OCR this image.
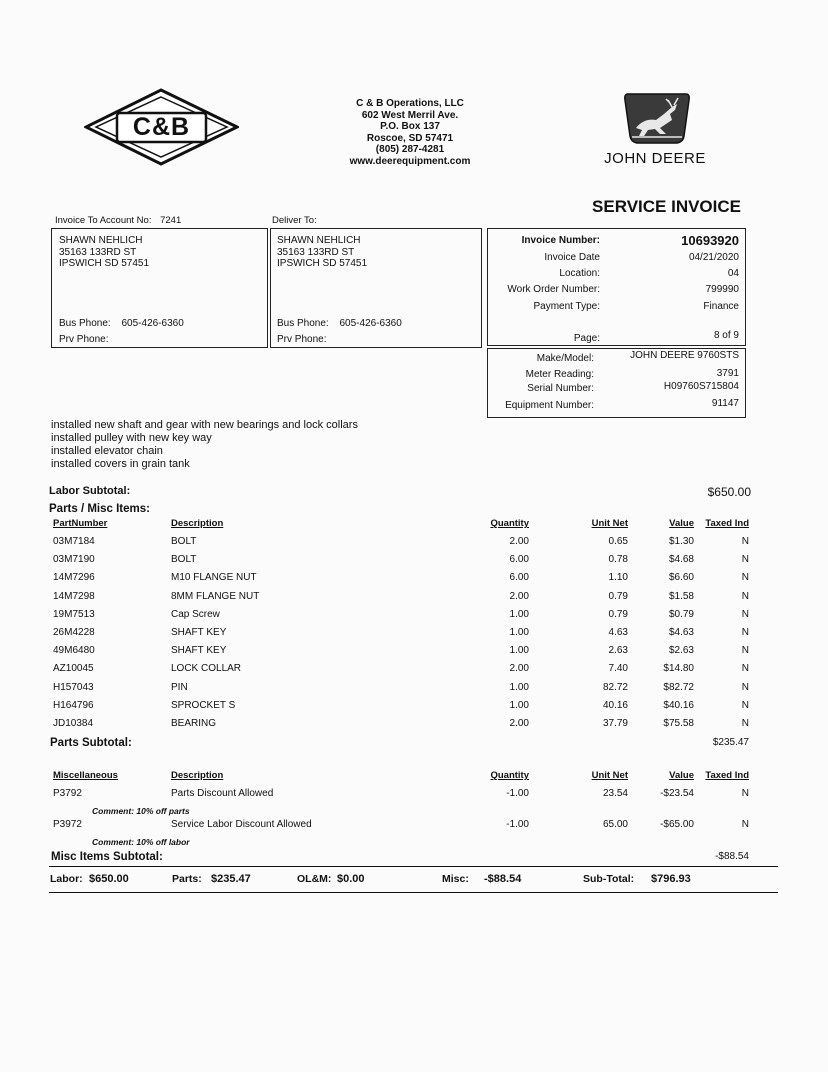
C&B
C & B Operations, LLC
602 West Merril Ave.
P.O. Box 137
Roscoe, SD 57471
(805) 287-4281
www.deerequipment.com	JOHN DEERE
SERVICE INVOICE
Invoice To Account No: 7241
SHAWN NEHLICH
35163 133RD ST
IPSWICH SD 57451
Bus Phone: 605-426-6360
Prv Phone:
Deliver To:
SHAWN NEHLICH
35163 133RD ST
IPSWICH SD 57451
Bus Phone: 605-426-6360
Prv Phone:
Invoice Number:	10693920
Invoice Date	04/21/2020
Location:	04
Work Order Number:	799990
Payment Type:	Finance
Page:	8 of 9
Make/Model:	JOHN DEERE 9760STS
Meter Reading:	3791
Serial Number:	H09760S715804
Equipment Number:	91147
installed new shaft and gear with new bearings and lock collars
installed pulley with new key way
installed elevator chain
installed covers in grain tank
Labor Subtotal:	$650.00
Parts / Misc Items:
PartNumber	Description	Quantity	Unit Net	Value Taxed Ind
03M7184	BOLT	2.00	0.65	$1.30	N
03M7190	BOLT	6.00	0.78	$4.68	N
14M7296	M10 FLANGE NUT	6.00	1.10	$6.60	N
14M7298	8MM FLANGE NUT	2.00	0.79	$1.58	N
19M7513	Cap Screw	1.00	0.79	$0.79	N
26M4228	SHAFT KEY	1.00	4.63	$4.63	N
49M6480	SHAFT KEY	1.00	2.63	$2.63	N
AZ10045	LOCK COLLAR	2.00	7.40	$14.80	N
H157043	PIN	1.00	82.72	$82.72	N
H164796	SPROCKET S	1.00	40.16	$40.16	N
JD10384	BEARING	2.00	37.79	$75.58	N
Parts Subtotal:	$235.47
Miscellaneous	Description	Quantity	Unit Net	Value Taxed Ind
P3792	Parts Discount Allowed	-1.00	23.54	-$23.54	N
Comment: 10% off parts
P3972	Service Labor Discount Allowed	-1.00	65.00	-$65.00	N
Comment: 10% off labor
Misc Items Subtotal:	-$88.54
Labor: $650.00	Parts: $235.47	OL&M: $0.00	Misc: -$88.54	Sub-Total: $796.93
